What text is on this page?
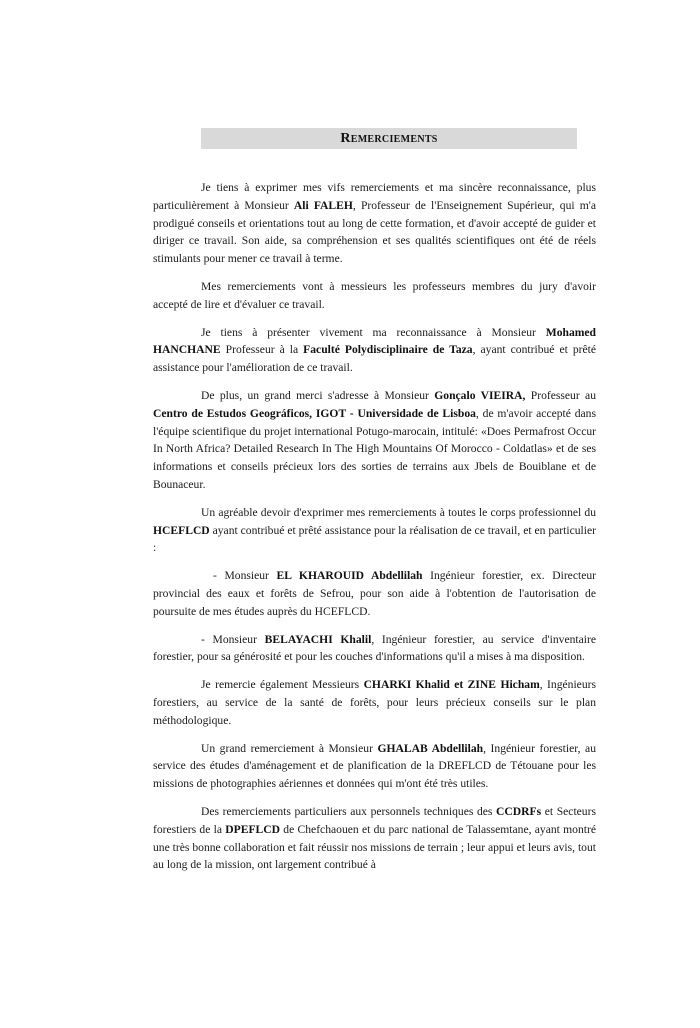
Remerciements

Je tiens à exprimer mes vifs remerciements et ma sincère reconnaissance, plus particulièrement à Monsieur Ali FALEH, Professeur de l'Enseignement Supérieur, qui m'a prodigué conseils et orientations tout au long de cette formation, et d'avoir accepté de guider et diriger ce travail. Son aide, sa compréhension et ses qualités scientifiques ont été de réels stimulants pour mener ce travail à terme.

Mes remerciements vont à messieurs les professeurs membres du jury d'avoir accepté de lire et d'évaluer ce travail.

Je tiens à présenter vivement ma reconnaissance à Monsieur Mohamed HANCHANE Professeur à la Faculté Polydisciplinaire de Taza, ayant contribué et prêté assistance pour l'amélioration de ce travail.

De plus, un grand merci s'adresse à Monsieur Gonçalo VIEIRA, Professeur au Centro de Estudos Geográficos, IGOT - Universidade de Lisboa, de m'avoir accepté dans l'équipe scientifique du projet international Potugo-marocain, intitulé: «Does Permafrost Occur In North Africa? Detailed Research In The High Mountains Of Morocco - Coldatlas» et de ses informations et conseils précieux lors des sorties de terrains aux Jbels de Bouiblane et de Bounaceur.

Un agréable devoir d'exprimer mes remerciements à toutes le corps professionnel du HCEFLCD ayant contribué et prêté assistance pour la réalisation de ce travail, et en particulier :

- Monsieur EL KHAROUID Abdellilah Ingénieur forestier, ex. Directeur provincial des eaux et forêts de Sefrou, pour son aide à l'obtention de l'autorisation de poursuite de mes études auprès du HCEFLCD.

- Monsieur BELAYACHI Khalil, Ingénieur forestier, au service d'inventaire forestier, pour sa générosité et pour les couches d'informations qu'il a mises à ma disposition.

Je remercie également Messieurs CHARKI Khalid et ZINE Hicham, Ingénieurs forestiers, au service de la santé de forêts, pour leurs précieux conseils sur le plan méthodologique.

Un grand remerciement à Monsieur GHALAB Abdellilah, Ingénieur forestier, au service des études d'aménagement et de planification de la DREFLCD de Tétouane pour les missions de photographies aériennes et données qui m'ont été très utiles.

Des remerciements particuliers aux personnels techniques des CCDRFs et Secteurs forestiers de la DPEFLCD de Chefchaouen et du parc national de Talassemtane, ayant montré une très bonne collaboration et fait réussir nos missions de terrain ; leur appui et leurs avis, tout au long de la mission, ont largement contribué à
